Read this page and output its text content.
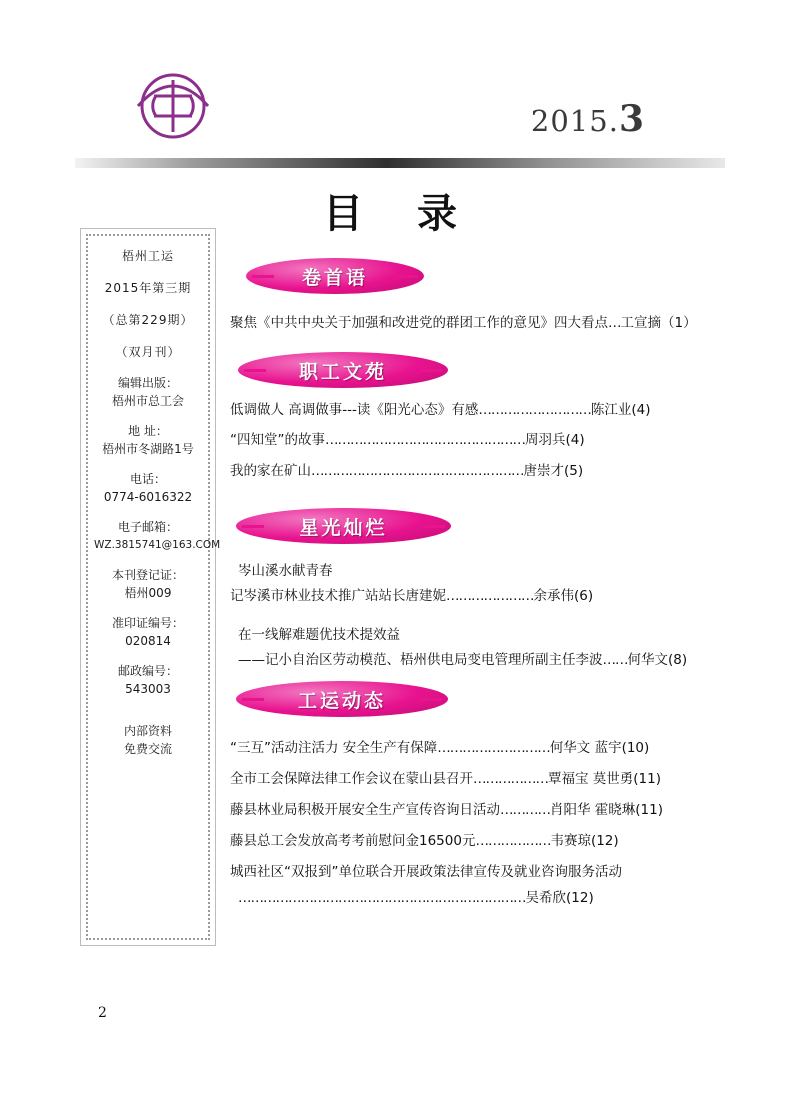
2015.3
目 录
梧州工运
2015年第三期
（总第229期）
（双月刊）
编辑出版：
梧州市总工会
地 址：
梧州市冬湖路1号
电话：
0774-6016322
电子邮箱：
WZ.3815741@163.COM
本刊登记证：
梧州009
准印证编号：
020814
邮政编号：
543003
内部资料
免费交流
卷首语
聚焦《中共中央关于加强和改进党的群团工作的意见》四大看点…工宣摘（1）
职工文苑
低调做人 高调做事---读《阳光心态》有感………………………陈江业(4)
“四知堂”的故事…………………………………………周羽兵(4)
我的家在矿山……………………………………………唐崇才(5)
星光灿烂
岑山溪水献青春
记岑溪市林业技术推广站站长唐建妮…………………余承伟(6)
在一线解难题优技术提效益
——记小自治区劳动模范、梧州供电局变电管理所副主任李波……何华文(8)
工运动态
“三互”活动注活力 安全生产有保障………………………何华文 蓝宇(10)
全市工会保障法律工作会议在蒙山县召开………………覃福宝 莫世勇(11)
藤县林业局积极开展安全生产宣传咨询日活动…………肖阳华 霍晓琳(11)
藤县总工会发放高考考前慰问金16500元………………韦赛琼(12)
城西社区“双报到”单位联合开展政策法律宣传及就业咨询服务活动
……………………………………………………………吴希欣(12)
2
